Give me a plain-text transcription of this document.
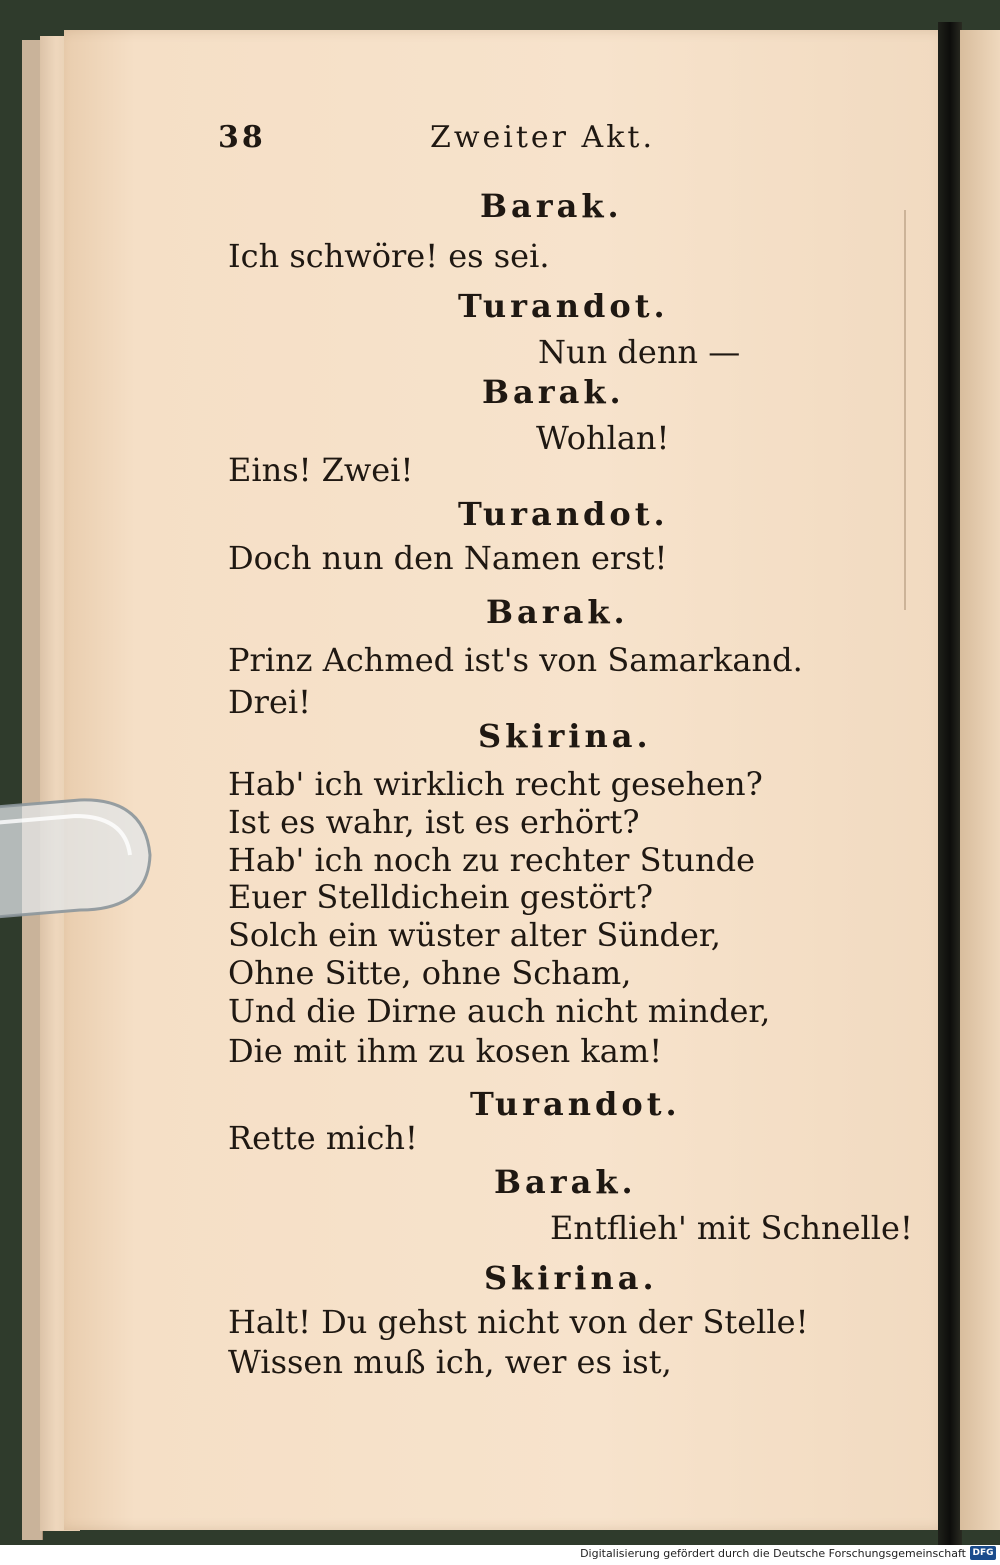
38	Zweiter Akt.

Barak.

Ich schwöre! es sei.

Turandot.

Nun denn —

Barak.

Wohlan!

Eins! Zwei!

Turandot.

Doch nun den Namen erst!

Barak.

Prinz Achmed ist's von Samarkand.

Drei!

Skirina.

Hab' ich wirklich recht gesehen?

Ist es wahr, ist es erhört?

Hab' ich noch zu rechter Stunde

Euer Stelldichein gestört?

Solch ein wüster alter Sünder,

Ohne Sitte, ohne Scham,

Und die Dirne auch nicht minder,

Die mit ihm zu kosen kam!

Turandot.

Rette mich!

Barak.

Entflieh' mit Schnelle!

Skirina.

Halt! Du gehst nicht von der Stelle!

Wissen muß ich, wer es ist,

Digitalisierung gefördert durch die Deutsche Forschungsgemeinschaft DFG
